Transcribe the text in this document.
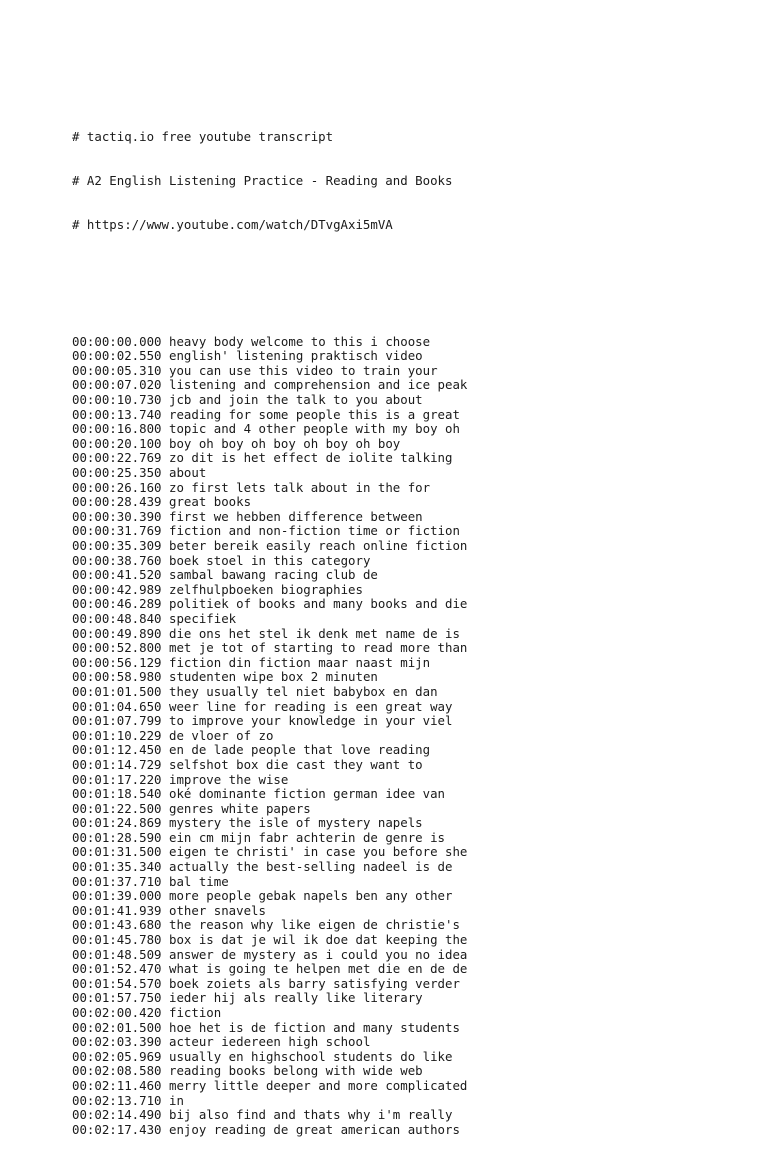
# tactiq.io free youtube transcript

# A2 English Listening Practice - Reading and Books

# https://www.youtube.com/watch/DTvgAxi5mVA

00:00:00.000 heavy body welcome to this i choose
00:00:02.550 english' listening praktisch video
00:00:05.310 you can use this video to train your
00:00:07.020 listening and comprehension and ice peak
00:00:10.730 jcb and join the talk to you about
00:00:13.740 reading for some people this is a great
00:00:16.800 topic and 4 other people with my boy oh
00:00:20.100 boy oh boy oh boy oh boy oh boy
00:00:22.769 zo dit is het effect de iolite talking
00:00:25.350 about
00:00:26.160 zo first lets talk about in the for
00:00:28.439 great books
00:00:30.390 first we hebben difference between
00:00:31.769 fiction and non-fiction time or fiction
00:00:35.309 beter bereik easily reach online fiction
00:00:38.760 boek stoel in this category
00:00:41.520 sambal bawang racing club de
00:00:42.989 zelfhulpboeken biographies
00:00:46.289 politiek of books and many books and die
00:00:48.840 specifiek
00:00:49.890 die ons het stel ik denk met name de is
00:00:52.800 met je tot of starting to read more than
00:00:56.129 fiction din fiction maar naast mijn
00:00:58.980 studenten wipe box 2 minuten
00:01:01.500 they usually tel niet babybox en dan
00:01:04.650 weer line for reading is een great way
00:01:07.799 to improve your knowledge in your viel
00:01:10.229 de vloer of zo
00:01:12.450 en de lade people that love reading
00:01:14.729 selfshot box die cast they want to
00:01:17.220 improve the wise
00:01:18.540 oké dominante fiction german idee van
00:01:22.500 genres white papers
00:01:24.869 mystery the isle of mystery napels
00:01:28.590 ein cm mijn fabr achterin de genre is
00:01:31.500 eigen te christi' in case you before she
00:01:35.340 actually the best-selling nadeel is de
00:01:37.710 bal time
00:01:39.000 more people gebak napels ben any other
00:01:41.939 other snavels
00:01:43.680 the reason why like eigen de christie's
00:01:45.780 box is dat je wil ik doe dat keeping the
00:01:48.509 answer de mystery as i could you no idea
00:01:52.470 what is going te helpen met die en de de
00:01:54.570 boek zoiets als barry satisfying verder
00:01:57.750 ieder hij als really like literary
00:02:00.420 fiction
00:02:01.500 hoe het is de fiction and many students
00:02:03.390 acteur iedereen high school
00:02:05.969 usually en highschool students do like
00:02:08.580 reading books belong with wide web
00:02:11.460 merry little deeper and more complicated
00:02:13.710 in
00:02:14.490 bij also find and thats why i'm really
00:02:17.430 enjoy reading de great american authors
